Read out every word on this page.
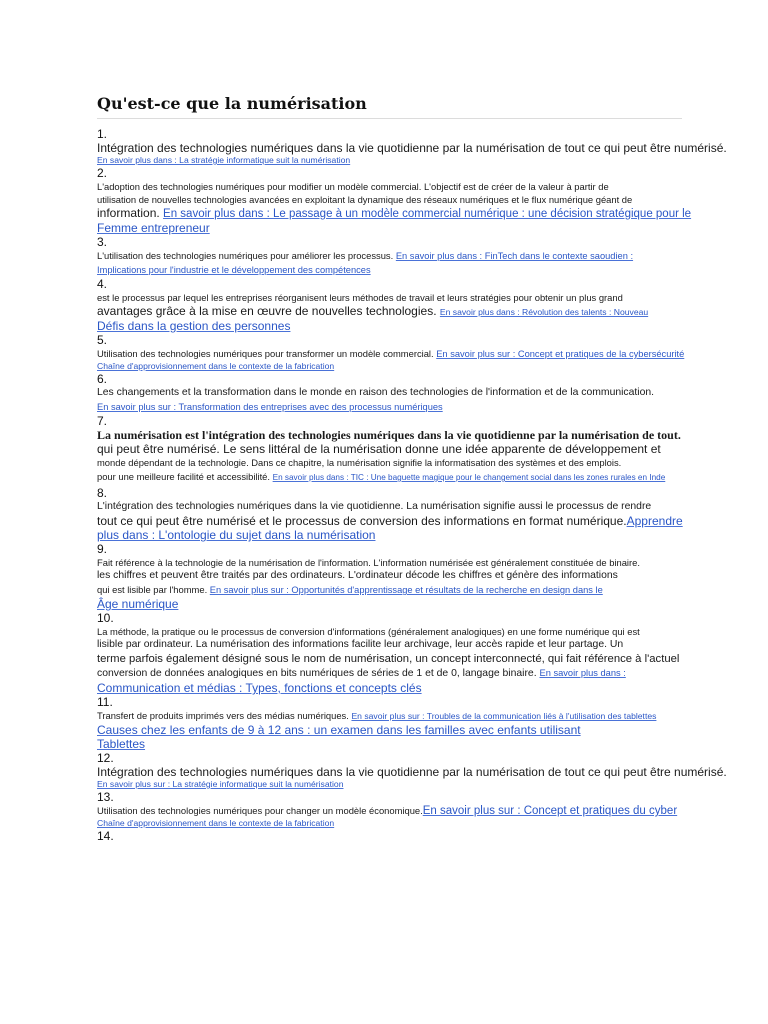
Qu'est-ce que la numérisation
1.
Intégration des technologies numériques dans la vie quotidienne par la numérisation de tout ce qui peut être numérisé.
En savoir plus dans : La stratégie informatique suit la numérisation
2.
L'adoption des technologies numériques pour modifier un modèle commercial. L'objectif est de créer de la valeur à partir de
utilisation de nouvelles technologies avancées en exploitant la dynamique des réseaux numériques et le flux numérique géant de
information. En savoir plus dans : Le passage à un modèle commercial numérique : une décision stratégique pour le
Femme entrepreneur
3.
L'utilisation des technologies numériques pour améliorer les processus. En savoir plus dans : FinTech dans le contexte saoudien :
Implications pour l'industrie et le développement des compétences
4.
est le processus par lequel les entreprises réorganisent leurs méthodes de travail et leurs stratégies pour obtenir un plus grand
avantages grâce à la mise en œuvre de nouvelles technologies. En savoir plus dans : Révolution des talents : Nouveau
Défis dans la gestion des personnes
5.
Utilisation des technologies numériques pour transformer un modèle commercial. En savoir plus sur : Concept et pratiques de la cybersécurité
Chaîne d'approvisionnement dans le contexte de la fabrication
6.
Les changements et la transformation dans le monde en raison des technologies de l'information et de la communication.
En savoir plus sur : Transformation des entreprises avec des processus numériques
7.
La numérisation est l'intégration des technologies numériques dans la vie quotidienne par la numérisation de tout.
qui peut être numérisé. Le sens littéral de la numérisation donne une idée apparente de développement et
monde dépendant de la technologie. Dans ce chapitre, la numérisation signifie la informatisation des systèmes et des emplois.
pour une meilleure facilité et accessibilité. En savoir plus dans : TIC : Une baguette magique pour le changement social dans les zones rurales en Inde
8.
L'intégration des technologies numériques dans la vie quotidienne. La numérisation signifie aussi le processus de rendre
tout ce qui peut être numérisé et le processus de conversion des informations en format numérique.Apprendre
plus dans : L'ontologie du sujet dans la numérisation
9.
Fait référence à la technologie de la numérisation de l'information. L'information numérisée est généralement constituée de binaire.
les chiffres et peuvent être traités par des ordinateurs. L'ordinateur décode les chiffres et génère des informations
qui est lisible par l'homme. En savoir plus sur : Opportunités d'apprentissage et résultats de la recherche en design dans le
Âge numérique
10.
La méthode, la pratique ou le processus de conversion d'informations (généralement analogiques) en une forme numérique qui est
lisible par ordinateur. La numérisation des informations facilite leur archivage, leur accès rapide et leur partage. Un
terme parfois également désigné sous le nom de numérisation, un concept interconnecté, qui fait référence à l'actuel
conversion de données analogiques en bits numériques de séries de 1 et de 0, langage binaire. En savoir plus dans :
Communication et médias : Types, fonctions et concepts clés
11.
Transfert de produits imprimés vers des médias numériques. En savoir plus sur : Troubles de la communication liés à l'utilisation des tablettes
Causes chez les enfants de 9 à 12 ans : un examen dans les familles avec enfants utilisant
Tablettes
12.
Intégration des technologies numériques dans la vie quotidienne par la numérisation de tout ce qui peut être numérisé.
En savoir plus sur : La stratégie informatique suit la numérisation
13.
Utilisation des technologies numériques pour changer un modèle économique.En savoir plus sur : Concept et pratiques du cyber
Chaîne d'approvisionnement dans le contexte de la fabrication
14.
